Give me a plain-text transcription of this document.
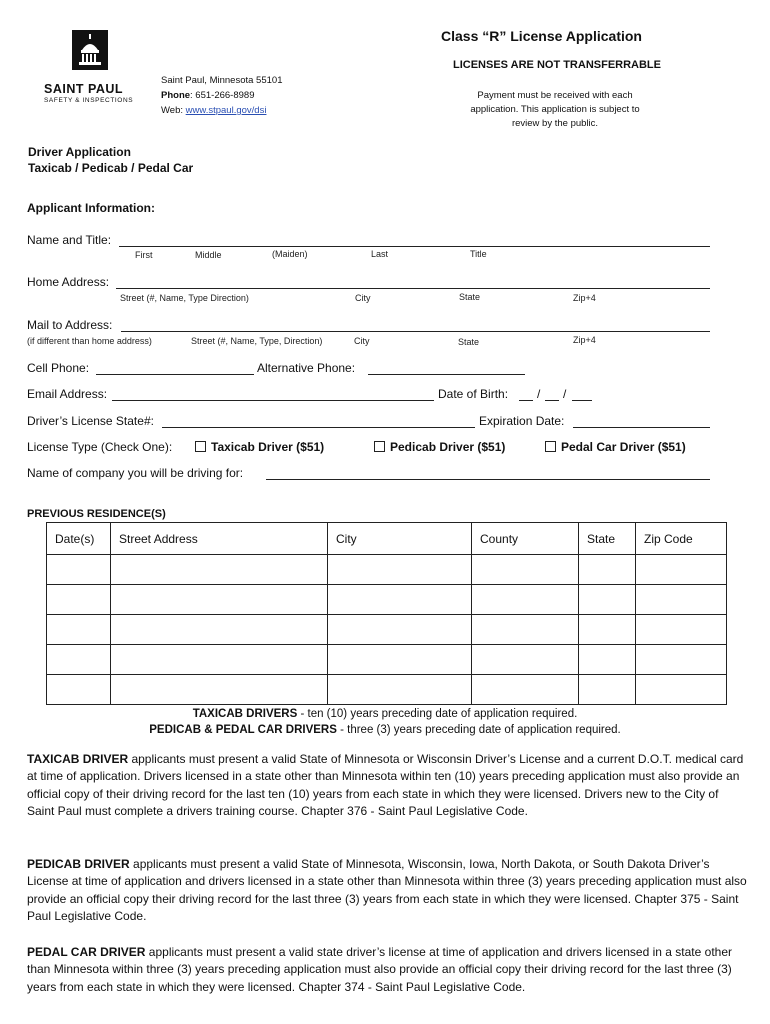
SAINT PAUL
SAFETY & INSPECTIONS
Saint Paul, Minnesota 55101
Phone: 651-266-8989
Web: www.stpaul.gov/dsi
Class “R” License Application
LICENSES ARE NOT TRANSFERRABLE
Payment must be received with each
application. This application is subject to
review by the public.
Driver Application
Taxicab / Pedicab / Pedal Car
Applicant Information:
Name and Title:
First	Middle	(Maiden)	Last	Title
Home Address:
Street (#, Name, Type Direction)	City	State	Zip+4
Mail to Address:
(if different than home address)	Street (#, Name, Type, Direction)	City	State	Zip+4
Cell Phone:	Alternative Phone:
Email Address:	Date of Birth: / /
Driver’s License State#:	Expiration Date:
License Type (Check One):	Taxicab Driver ($51)	Pedicab Driver ($51)	Pedal Car Driver ($51)
Name of company you will be driving for:
PREVIOUS RESIDENCE(S)
Date(s)	Street Address	City	County	State	Zip Code

TAXICAB DRIVERS - ten (10) years preceding date of application required.
PEDICAB & PEDAL CAR DRIVERS - three (3) years preceding date of application required.
TAXICAB DRIVER applicants must present a valid State of Minnesota or Wisconsin Driver’s License and a current D.O.T. medical card at time of application. Drivers licensed in a state other than Minnesota within ten (10) years preceding application must also provide an official copy of their driving record for the last ten (10) years from each state in which they were licensed. Drivers new to the City of Saint Paul must complete a drivers training course. Chapter 376 - Saint Paul Legislative Code.
PEDICAB DRIVER applicants must present a valid State of Minnesota, Wisconsin, Iowa, North Dakota, or South Dakota Driver’s License at time of application and drivers licensed in a state other than Minnesota within three (3) years preceding application must also provide an official copy their driving record for the last three (3) years from each state in which they were licensed. Chapter 375 - Saint Paul Legislative Code.
PEDAL CAR DRIVER applicants must present a valid state driver’s license at time of application and drivers licensed in a state other than Minnesota within three (3) years preceding application must also provide an official copy their driving record for the last three (3) years from each state in which they were licensed. Chapter 374 - Saint Paul Legislative Code.
